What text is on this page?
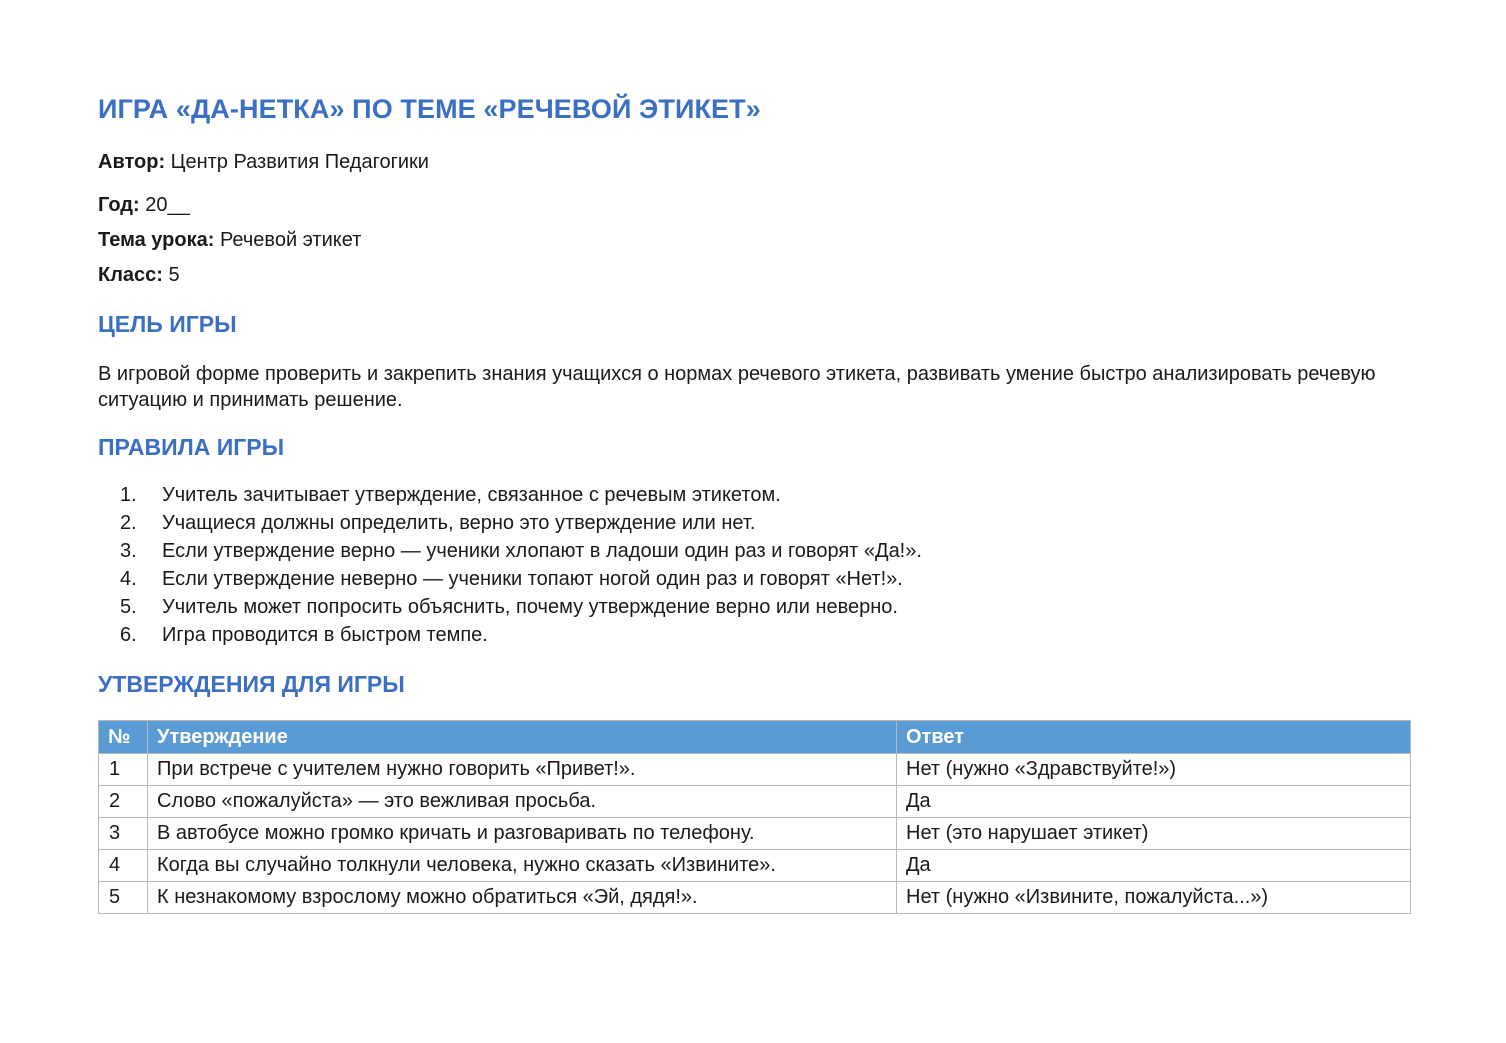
ИГРА «ДА-НЕТКА» ПО ТЕМЕ «РЕЧЕВОЙ ЭТИКЕТ»

Автор: Центр Развития Педагогики

Год: 20__

Тема урока: Речевой этикет

Класс: 5

ЦЕЛЬ ИГРЫ

В игровой форме проверить и закрепить знания учащихся о нормах речевого этикета, развивать умение быстро анализировать речевую ситуацию и принимать решение.

ПРАВИЛА ИГРЫ
1. Учитель зачитывает утверждение, связанное с речевым этикетом.
2. Учащиеся должны определить, верно это утверждение или нет.
3. Если утверждение верно — ученики хлопают в ладоши один раз и говорят «Да!».
4. Если утверждение неверно — ученики топают ногой один раз и говорят «Нет!».
5. Учитель может попросить объяснить, почему утверждение верно или неверно.
6. Игра проводится в быстром темпе.
УТВЕРЖДЕНИЯ ДЛЯ ИГРЫ
№	Утверждение	Ответ
1	При встрече с учителем нужно говорить «Привет!».	Нет (нужно «Здравствуйте!»)
2	Слово «пожалуйста» — это вежливая просьба.	Да
3	В автобусе можно громко кричать и разговаривать по телефону.	Нет (это нарушает этикет)
4	Когда вы случайно толкнули человека, нужно сказать «Извините».	Да
5	К незнакомому взрослому можно обратиться «Эй, дядя!».	Нет (нужно «Извините, пожалуйста...»)
